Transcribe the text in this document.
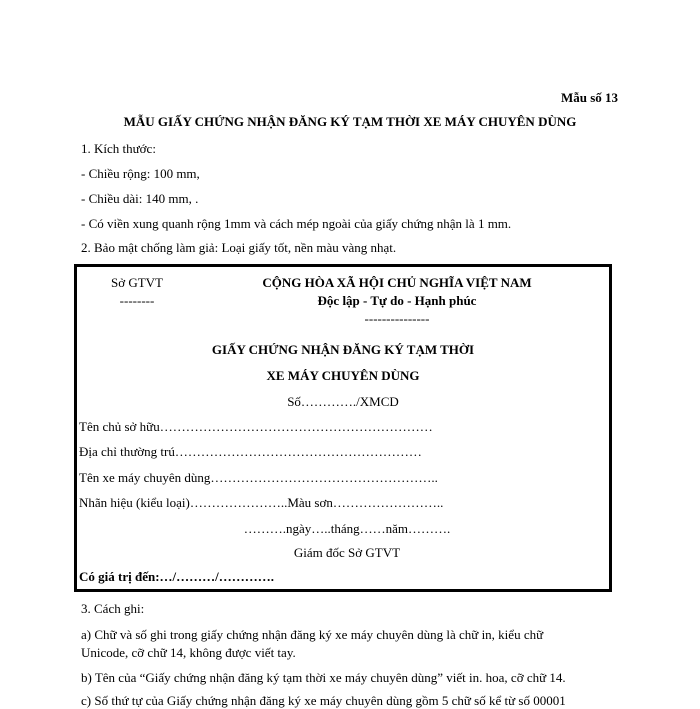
Mẫu số 13
MẪU GIẤY CHỨNG NHẬN ĐĂNG KÝ TẠM THỜI XE MÁY CHUYÊN DÙNG
1. Kích thước:
- Chiều rộng: 100 mm,
- Chiều dài: 140 mm, .
- Có viền xung quanh rộng 1mm và cách mép ngoài của giấy chứng nhận là 1 mm.
2. Bảo mật chống làm giả: Loại giấy tốt, nền màu vàng nhạt.
Sở GTVT
--------
CỘNG HÒA XÃ HỘI CHỦ NGHĨA VIỆT NAM
Độc lập - Tự do - Hạnh phúc
---------------
GIẤY CHỨNG NHẬN ĐĂNG KÝ TẠM THỜI
XE MÁY CHUYÊN DÙNG
Số…………./XMCD
Tên chủ sở hữu………………………………………………………
Địa chỉ thường trú…………………………………………………
Tên xe máy chuyên dùng……………………………………………..
Nhãn hiệu (kiểu loại)…………………..Màu sơn……………………..
……….ngày…..tháng……năm……….
Giám đốc Sở GTVT
Có giá trị đến:…/………/………….
3. Cách ghi:
a) Chữ và số ghi trong giấy chứng nhận đăng ký xe máy chuyên dùng là chữ in, kiểu chữ
Unicode, cỡ chữ 14, không được viết tay.
b) Tên của “Giấy chứng nhận đăng ký tạm thời xe máy chuyên dùng” viết in. hoa, cỡ chữ 14.
c) Số thứ tự của Giấy chứng nhận đăng ký xe máy chuyên dùng gồm 5 chữ số kể từ số 00001
